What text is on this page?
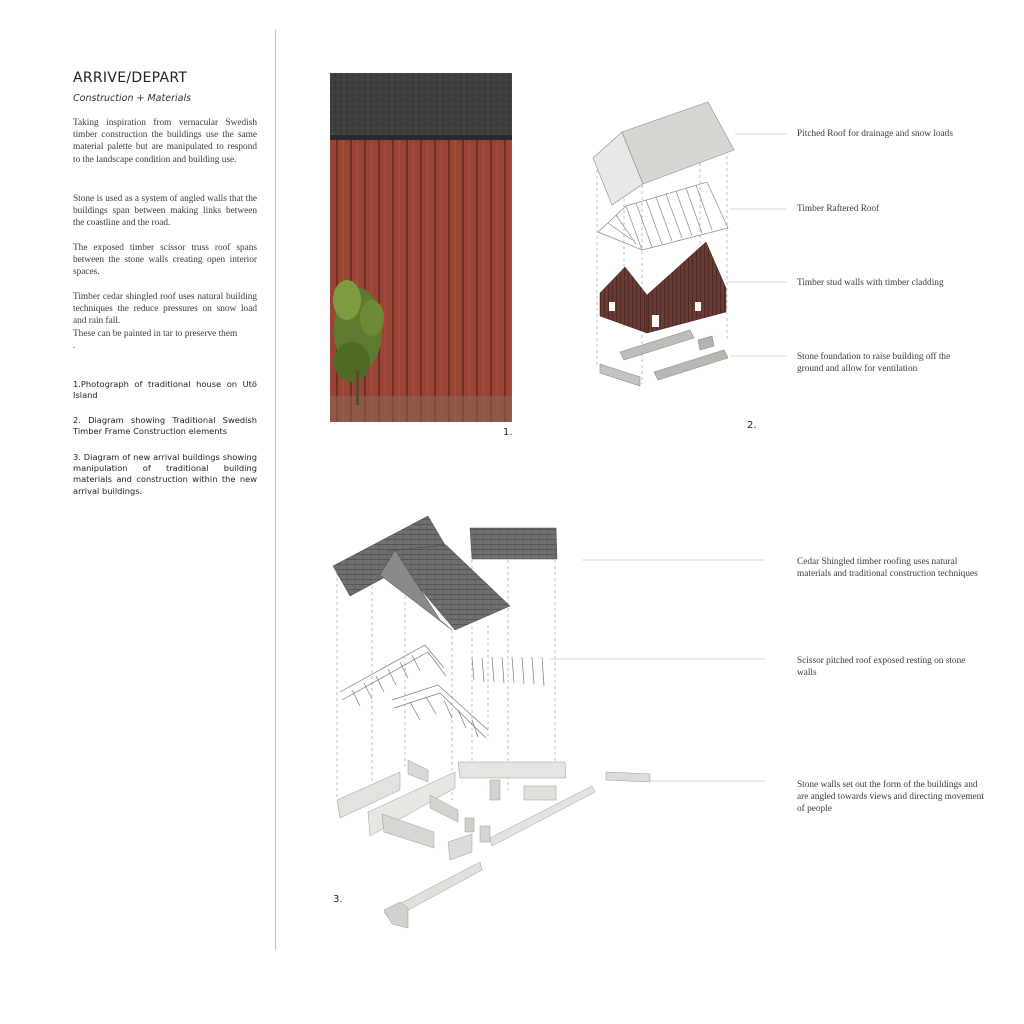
ARRIVE/DEPART
Construction + Materials
Taking inspiration from vernacular Swedish timber construction the buildings use the same material palette but are manipulated to respond to the landscape condition and building use.
Stone is used as a system of angled walls that the buildings span between making links between the coastline and the road.
The exposed timber scissor truss roof spans between the stone walls creating open interior spaces.
Timber cedar shingled roof uses natural building techniques the reduce pressures on snow load and rain fall.
These can be painted in tar to preserve them
.
1.Photograph of traditional house on Utö Island
2. Diagram showing Traditional Swedish Timber Frame Construction elements
3. Diagram of new arrival buildings showing manipulation of traditional building materials and construction within the new arrival buildings.
1.
2.
3.
Pitched Roof for drainage and snow loads
Timber Raftered Roof
Timber stud walls with timber cladding
Stone foundation to raise building off the ground and allow for ventilation
Cedar Shingled timber roofing uses natural materials and traditional construction techniques
Scissor pitched roof exposed resting on stone walls
Stone walls set out the form of the buildings and are angled towards views and directing movement of people
